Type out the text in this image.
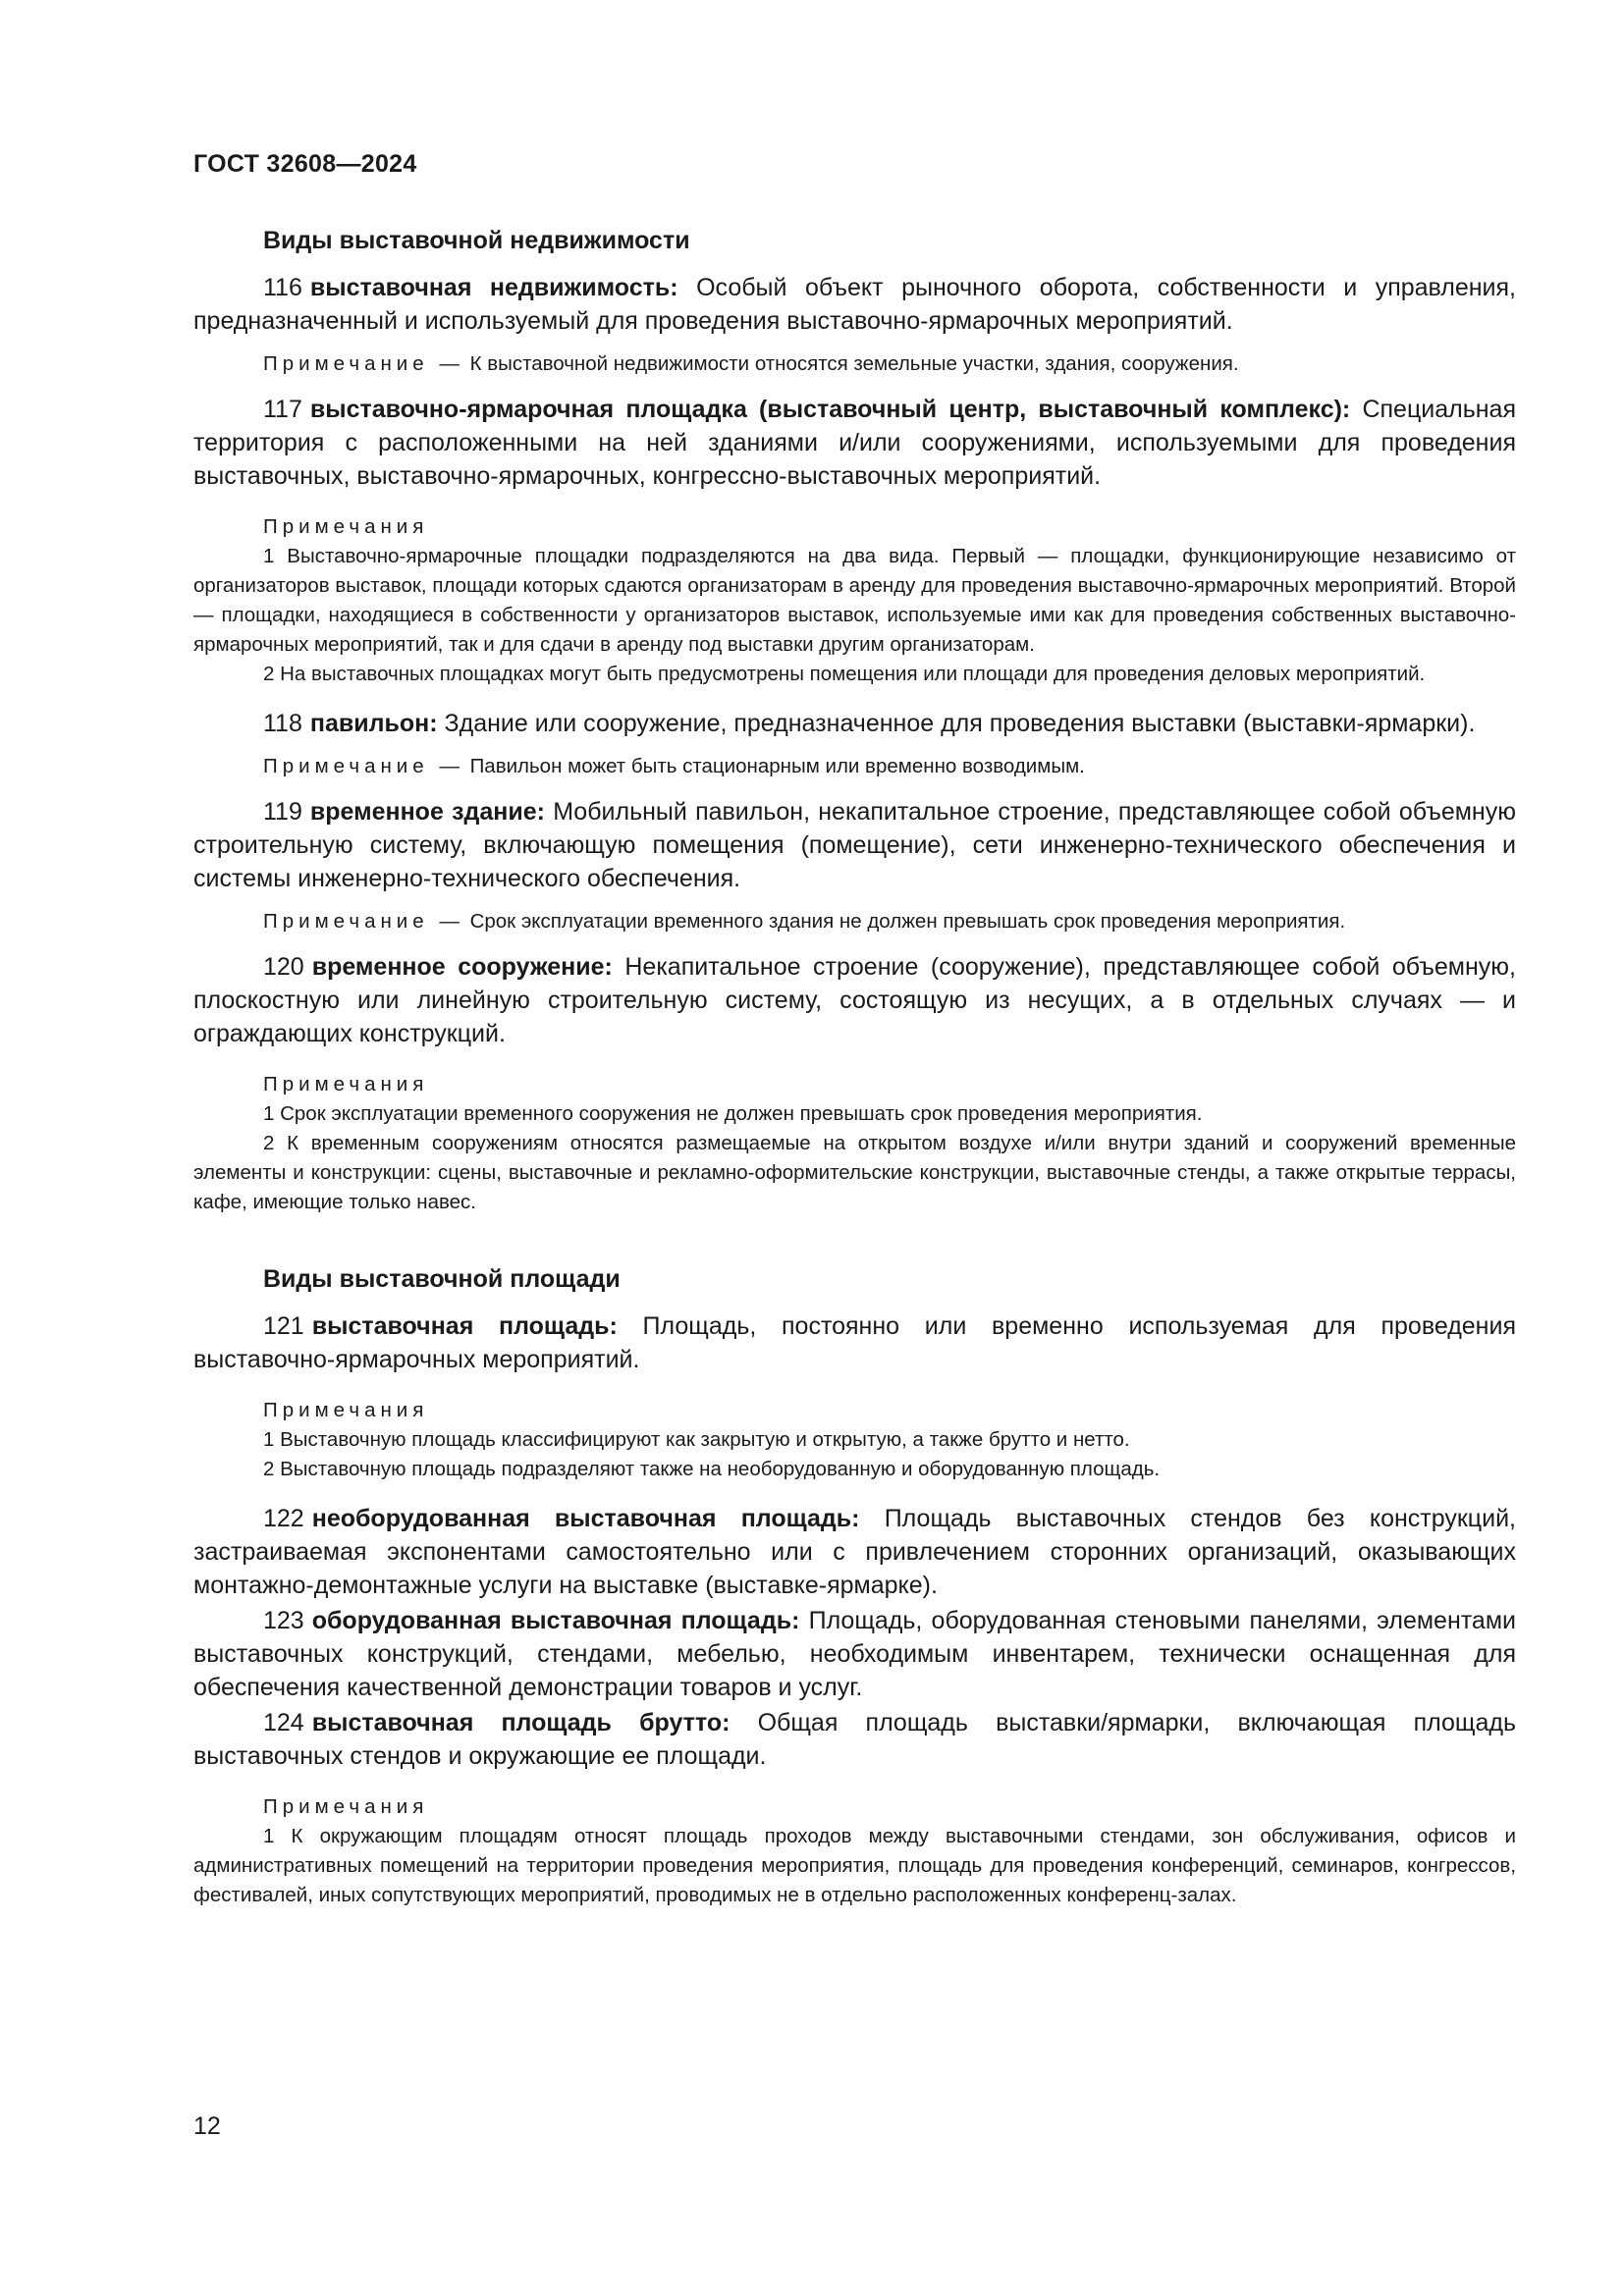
ГОСТ 32608—2024

Виды выставочной недвижимости

116 выставочная недвижимость: Особый объект рыночного оборота, собственности и управления, предназначенный и используемый для проведения выставочно-ярмарочных мероприятий.

Примечание — К выставочной недвижимости относятся земельные участки, здания, сооружения.

117 выставочно-ярмарочная площадка (выставочный центр, выставочный комплекс): Специальная территория с расположенными на ней зданиями и/или сооружениями, используемыми для проведения выставочных, выставочно-ярмарочных, конгрессно-выставочных мероприятий.

Примечания

1 Выставочно-ярмарочные площадки подразделяются на два вида. Первый — площадки, функционирующие независимо от организаторов выставок, площади которых сдаются организаторам в аренду для проведения выставочно-ярмарочных мероприятий. Второй — площадки, находящиеся в собственности у организаторов выставок, используемые ими как для проведения собственных выставочно-ярмарочных мероприятий, так и для сдачи в аренду под выставки другим организаторам.

2 На выставочных площадках могут быть предусмотрены помещения или площади для проведения деловых мероприятий.

118 павильон: Здание или сооружение, предназначенное для проведения выставки (выставки-ярмарки).

Примечание — Павильон может быть стационарным или временно возводимым.

119 временное здание: Мобильный павильон, некапитальное строение, представляющее собой объемную строительную систему, включающую помещения (помещение), сети инженерно-технического обеспечения и системы инженерно-технического обеспечения.

Примечание — Срок эксплуатации временного здания не должен превышать срок проведения мероприятия.

120 временное сооружение: Некапитальное строение (сооружение), представляющее собой объемную, плоскостную или линейную строительную систему, состоящую из несущих, а в отдельных случаях — и ограждающих конструкций.

Примечания

1 Срок эксплуатации временного сооружения не должен превышать срок проведения мероприятия.

2 К временным сооружениям относятся размещаемые на открытом воздухе и/или внутри зданий и сооружений временные элементы и конструкции: сцены, выставочные и рекламно-оформительские конструкции, выставочные стенды, а также открытые террасы, кафе, имеющие только навес.

Виды выставочной площади

121 выставочная площадь: Площадь, постоянно или временно используемая для проведения выставочно-ярмарочных мероприятий.

Примечания

1 Выставочную площадь классифицируют как закрытую и открытую, а также брутто и нетто.

2 Выставочную площадь подразделяют также на необорудованную и оборудованную площадь.

122 необорудованная выставочная площадь: Площадь выставочных стендов без конструкций, застраиваемая экспонентами самостоятельно или с привлечением сторонних организаций, оказывающих монтажно-демонтажные услуги на выставке (выставке-ярмарке).

123 оборудованная выставочная площадь: Площадь, оборудованная стеновыми панелями, элементами выставочных конструкций, стендами, мебелью, необходимым инвентарем, технически оснащенная для обеспечения качественной демонстрации товаров и услуг.

124 выставочная площадь брутто: Общая площадь выставки/ярмарки, включающая площадь выставочных стендов и окружающие ее площади.

Примечания

1 К окружающим площадям относят площадь проходов между выставочными стендами, зон обслуживания, офисов и административных помещений на территории проведения мероприятия, площадь для проведения конференций, семинаров, конгрессов, фестивалей, иных сопутствующих мероприятий, проводимых не в отдельно расположенных конференц-залах.

12
